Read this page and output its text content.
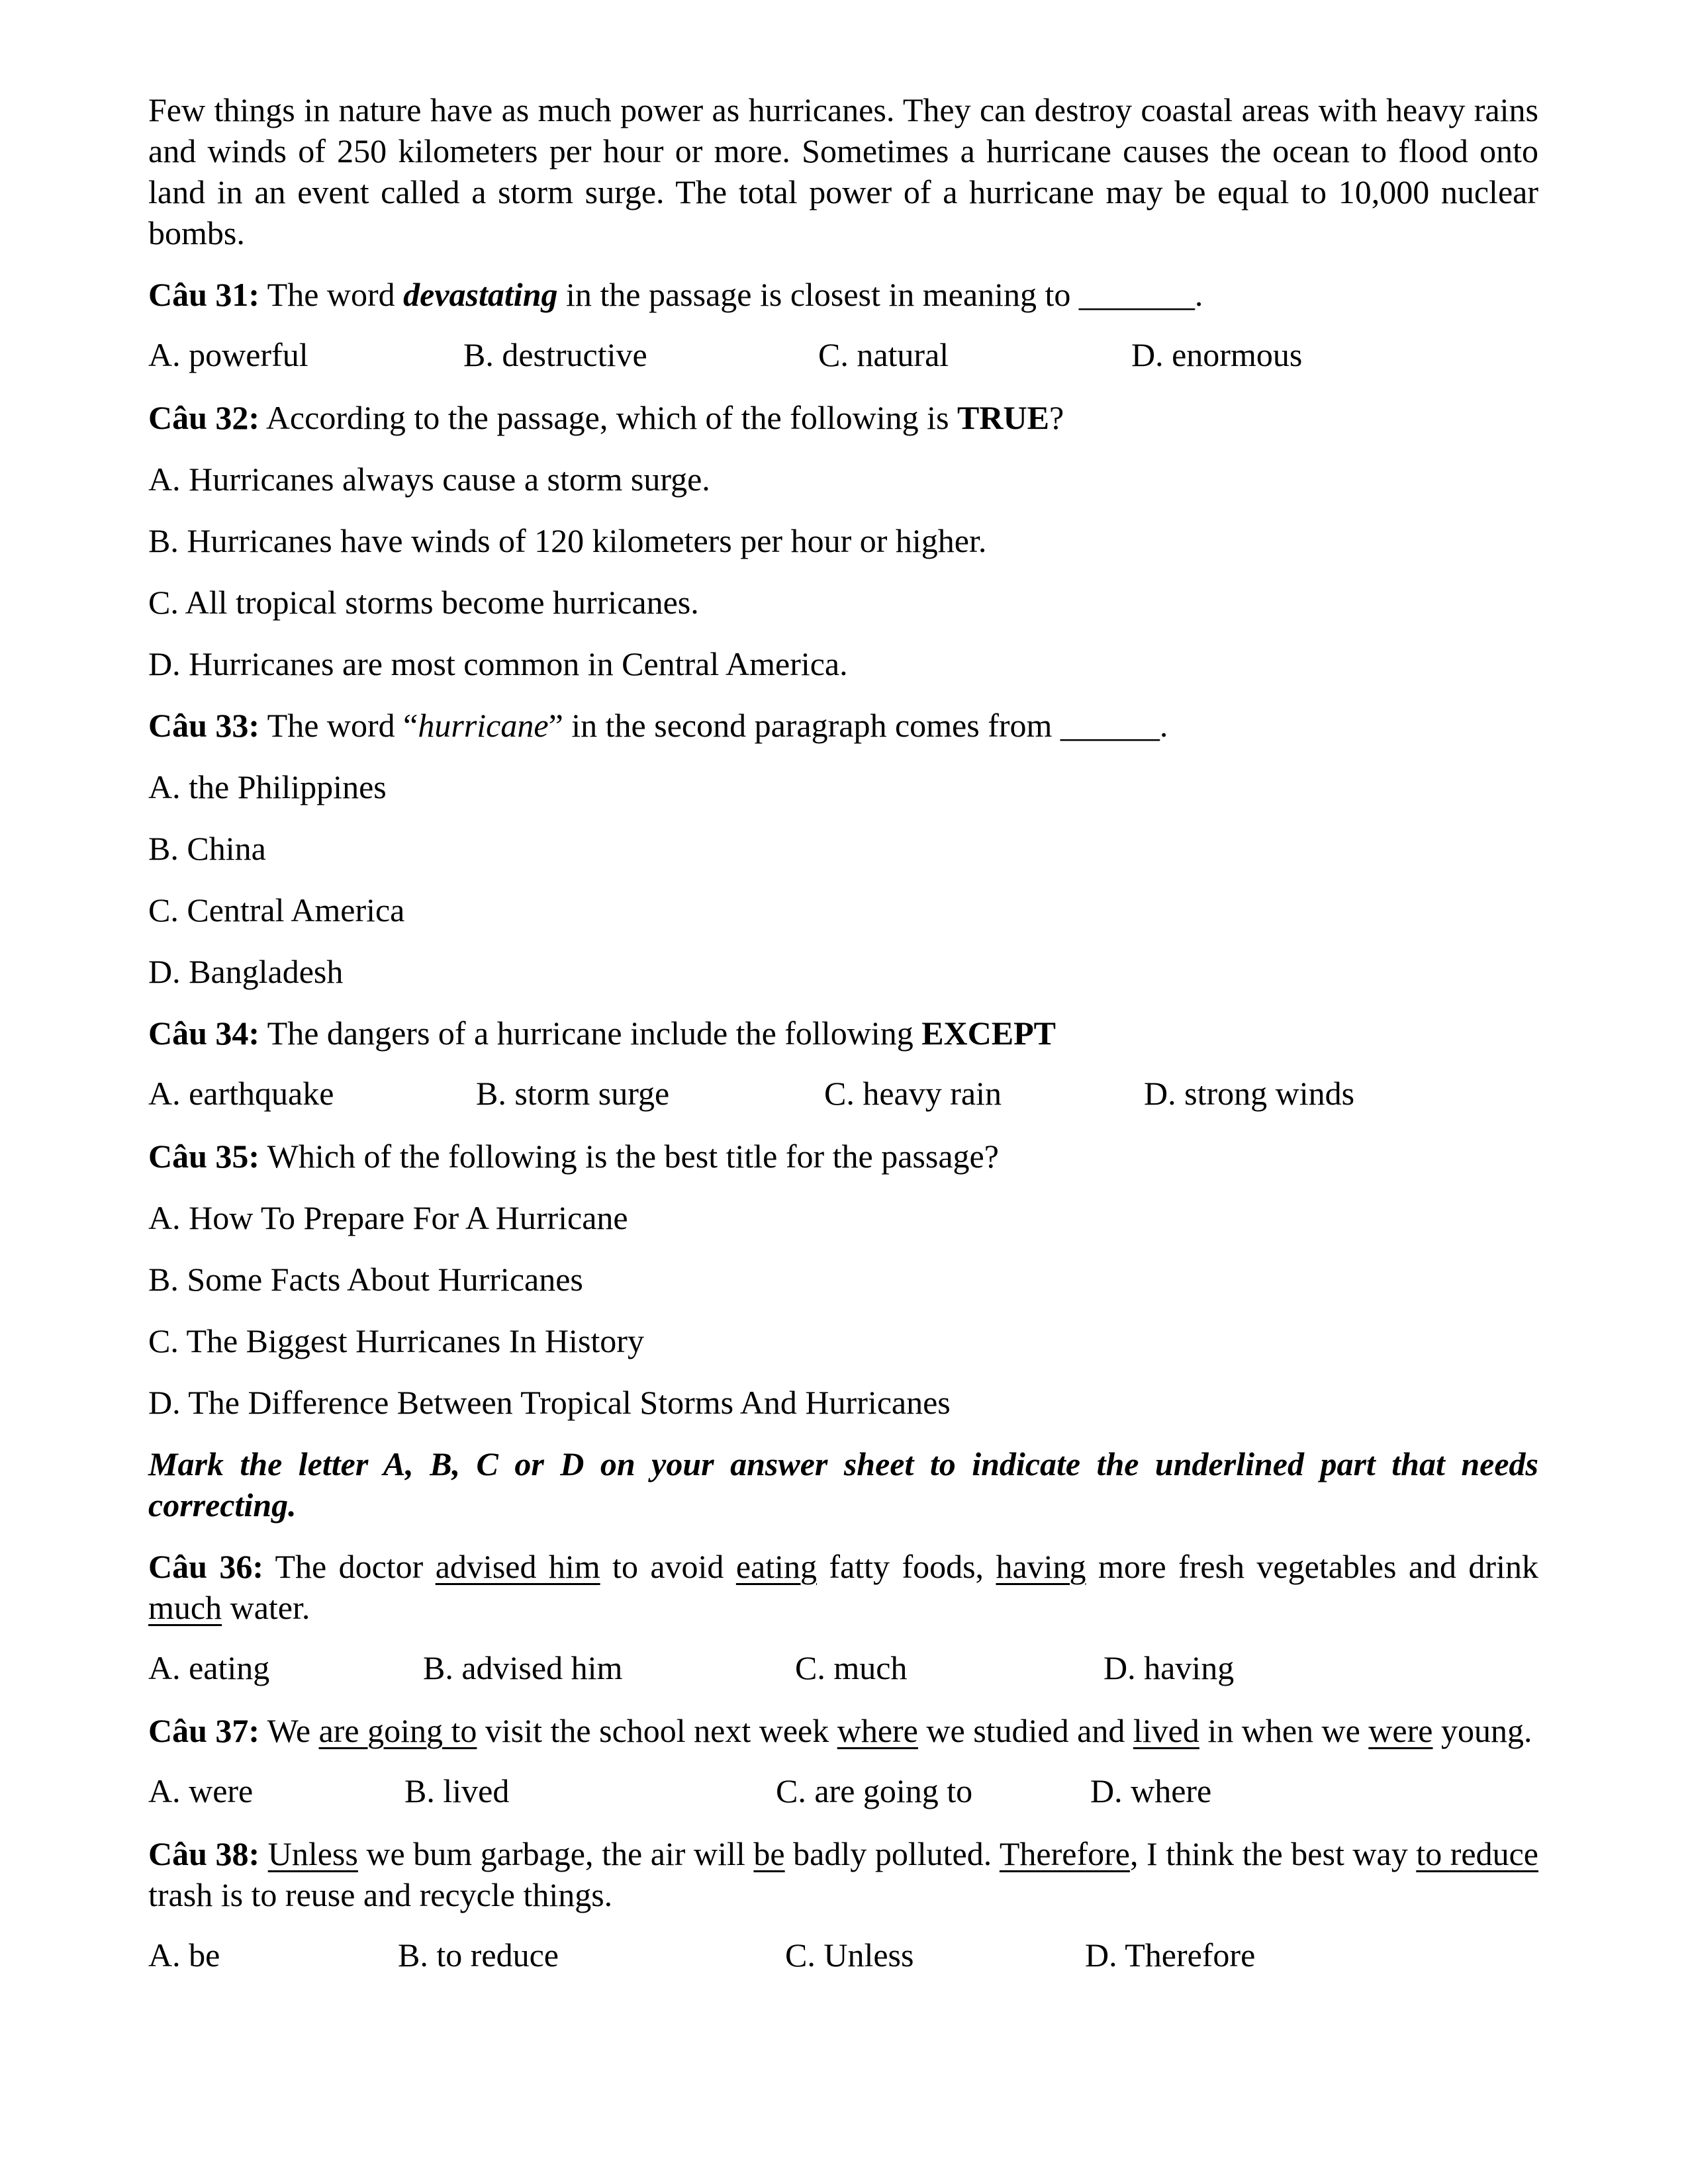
Few things in nature have as much power as hurricanes. They can destroy coastal areas with heavy rains and winds of 250 kilometers per hour or more. Sometimes a hurricane causes the ocean to flood onto land in an event called a storm surge. The total power of a hurricane may be equal to 10,000 nuclear bombs.

Câu 31: The word devastating in the passage is closest in meaning to _______.

A. powerful	B. destructive	C. natural	D. enormous

Câu 32: According to the passage, which of the following is TRUE?

A. Hurricanes always cause a storm surge.

B. Hurricanes have winds of 120 kilometers per hour or higher.

C. All tropical storms become hurricanes.

D. Hurricanes are most common in Central America.

Câu 33: The word “hurricane” in the second paragraph comes from ______.

A. the Philippines

B. China

C. Central America

D. Bangladesh

Câu 34: The dangers of a hurricane include the following EXCEPT

A. earthquake	B. storm surge	C. heavy rain	D. strong winds

Câu 35: Which of the following is the best title for the passage?

A. How To Prepare For A Hurricane

B. Some Facts About Hurricanes

C. The Biggest Hurricanes In History

D. The Difference Between Tropical Storms And Hurricanes

Mark the letter A, B, C or D on your answer sheet to indicate the underlined part that needs correcting.

Câu 36: The doctor advised him to avoid eating fatty foods, having more fresh vegetables and drink much water.

A. eating	B. advised him	C. much	D. having

Câu 37: We are going to visit the school next week where we studied and lived in when we were young.

A. were	B. lived	C. are going to	D. where

Câu 38: Unless we bum garbage, the air will be badly polluted. Therefore, I think the best way to reduce trash is to reuse and recycle things.

A. be	B. to reduce	C. Unless	D. Therefore
